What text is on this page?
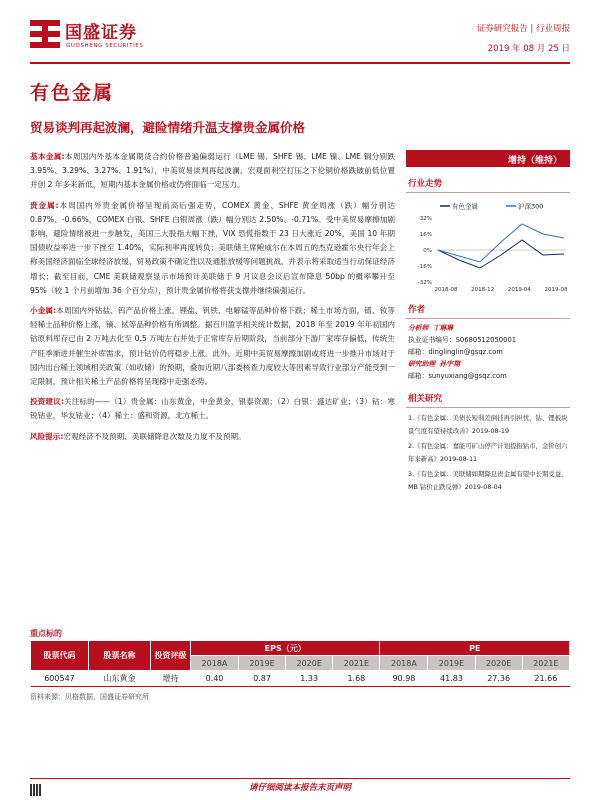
国盛证券
GUOSHENG SECURITIES
证券研究报告 | 行业周报
2019 年 08 月 25 日
有色金属
贸易谈判再起波澜，避险情绪升温支撑贵金属价格

基本金属:本周国内外基本金属期货合约价格普遍偏弱运行（LME 锡、SHFE 锡、LME 镍、LME 铜分别跌 3.95%、3.29%、3.27%、1.91%），中美贸易谈判再起波澜，宏观面利空打压之下伦铜价格跌破前低位置并创 2 年多来新低，短期内基本金属价格或仍将面临一定压力。

贵金属:本周国内外贵金属价格呈现前高后强走势，COMEX 黄金、SHFE 黄金周涨（跌）幅分别达 0.87%、-0.66%，COMEX 白银、SHFE 白银周涨（跌）幅分别达 2.50%、-0.71%。受中美贸易摩擦加剧影响，避险情绪被进一步触发，美国三大股指大幅下挫，VIX 恐慌指数于 23 日大涨近 20%，美国 10 年期国债收益率进一步下挫至 1.40%，实际利率再度转负；美联储主席鲍威尔在本周五的杰克逊霍尔央行年会上称美国经济面临全球经济放缓、贸易政策不确定性以及通胀放缓等问题挑战，并表示将采取适当行动保证经济增长；截至目前，CME 美联储观察显示市场预计美联储于 9 月议息会议后宣布降息 50bp 的概率攀升至 95%（较 1 个月前增加 36 个百分点），预计贵金属价格将获支撑并继续偏强运行。

小金属:本周国内外钴盐、钨产品价格上涨，锂盐、钒铁、电解锰等品种价格下跌；稀土市场方面，镨、钕等轻稀土品种价格上涨，镝、铽等品种价格有所调整。据百川盈孚相关统计数据，2018 年至 2019 年年初国内钴原料库存已由 2 万吨去化至 0.5 万吨左右并处于正常库存后期阶段，当前部分下游厂家库存偏低，传统生产旺季渐进并催生补库需求，预计钴价仍将稳步上涨。此外，近期中美贸易摩擦加剧或将进一步推升市场对于国内出台稀土领域相关政策（如收储）的预期，叠加近期八部委核查力度较大等因素导致行业部分产能受到一定限制，预计相关稀土产品价格将呈现稳中走强态势。

投资建议:关注标的——（1）贵金属：山东黄金，中金黄金，银泰资源；（2）白银：盛达矿业；（3）钴：寒锐钴业，华友钴业；（4）稀土：盛和资源，北方稀土。

风险提示:宏观经济不及预期、美联储降息次数及力度不及预期。

增持（维持）
行业走势
32%
16%
0%
-16%
-32%
2018-08 2018-12 2019-04 2019-08
有色金属	沪深300
作者
分析师 丁琳琳
执业证书编号：S0680512050001
邮箱：dinglinglin@gsqz.com
研究助理 孙宇翔
邮箱：sunyuxiang@gsqz.com
相关研究

1.《有色金属：美债长短利差倒挂再引担忧，钴、锂板块景气度有望持续改善》2019-08-19

2.《有色金属：嘉能可矿山停产计划提振钴市，金价创六年来新高》2019-08-11

3.《有色金属：美联储如期降息贵金属有望中长期受益，MB 钴价止跌反弹》2019-08-04

重点标的
股票代码	股票名称	投资评级	EPS（元）				PE			
			2018A	2019E	2020E	2021E	2018A	2019E	2020E	2021E
600547	山东黄金	增持	0.40	0.87	1.33	1.68	90.98	41.83	27.36	21.66
资料来源：贝格数据，国盛证券研究所
请仔细阅读本报告末页声明
